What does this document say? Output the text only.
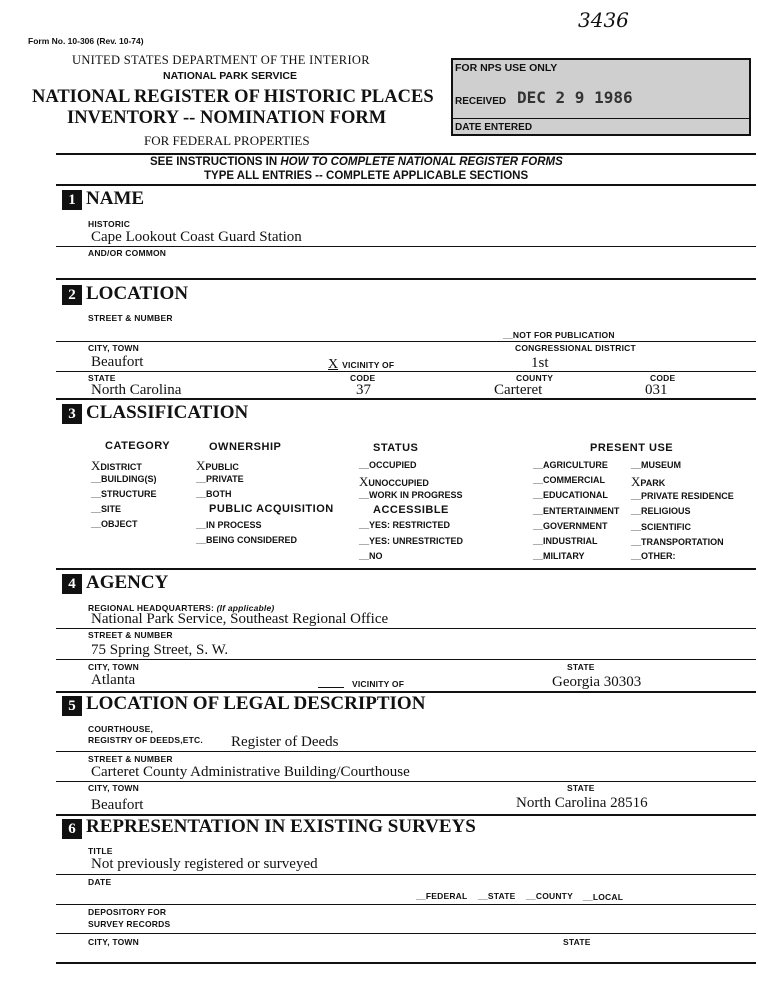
3436
Form No. 10-306 (Rev. 10-74)
UNITED STATES DEPARTMENT OF THE INTERIOR
NATIONAL PARK SERVICE
NATIONAL REGISTER OF HISTORIC PLACES
INVENTORY -- NOMINATION FORM
FOR FEDERAL PROPERTIES
FOR NPS USE ONLY
RECEIVED DEC 2 9 1986
DATE ENTERED
SEE INSTRUCTIONS IN HOW TO COMPLETE NATIONAL REGISTER FORMS
TYPE ALL ENTRIES -- COMPLETE APPLICABLE SECTIONS
1 NAME
HISTORIC
Cape Lookout Coast Guard Station
AND/OR COMMON
2 LOCATION
STREET & NUMBER
__NOT FOR PUBLICATION
CITY, TOWN	CONGRESSIONAL DISTRICT
Beaufort	X VICINITY OF	1st
STATE	CODE	COUNTY	CODE
North Carolina	37	Carteret	031
3 CLASSIFICATION
CATEGORY	OWNERSHIP	STATUS	PRESENT USE
XDISTRICT
__BUILDING(S)
__STRUCTURE
__SITE
__OBJECT
XPUBLIC
__PRIVATE
__BOTH
PUBLIC ACQUISITION
__IN PROCESS
__BEING CONSIDERED
__OCCUPIED
XUNOCCUPIED
__WORK IN PROGRESS
ACCESSIBLE
__YES: RESTRICTED
__YES: UNRESTRICTED
__NO
__AGRICULTURE
__COMMERCIAL
__EDUCATIONAL
__ENTERTAINMENT
__GOVERNMENT
__INDUSTRIAL
__MILITARY
__MUSEUM
XPARK
__PRIVATE RESIDENCE
__RELIGIOUS
__SCIENTIFIC
__TRANSPORTATION
__OTHER:
4 AGENCY
REGIONAL HEADQUARTERS: (If applicable)
National Park Service, Southeast Regional Office
STREET & NUMBER
75 Spring Street, S. W.
CITY, TOWN	STATE
Atlanta	VICINITY OF	Georgia 30303
5 LOCATION OF LEGAL DESCRIPTION
COURTHOUSE,
REGISTRY OF DEEDS,ETC. Register of Deeds
STREET & NUMBER
Carteret County Administrative Building/Courthouse
CITY, TOWN	STATE
Beaufort	North Carolina 28516
6 REPRESENTATION IN EXISTING SURVEYS
TITLE
Not previously registered or surveyed
DATE
__FEDERAL __STATE __COUNTY __LOCAL
DEPOSITORY FOR
SURVEY RECORDS
CITY, TOWN	STATE
